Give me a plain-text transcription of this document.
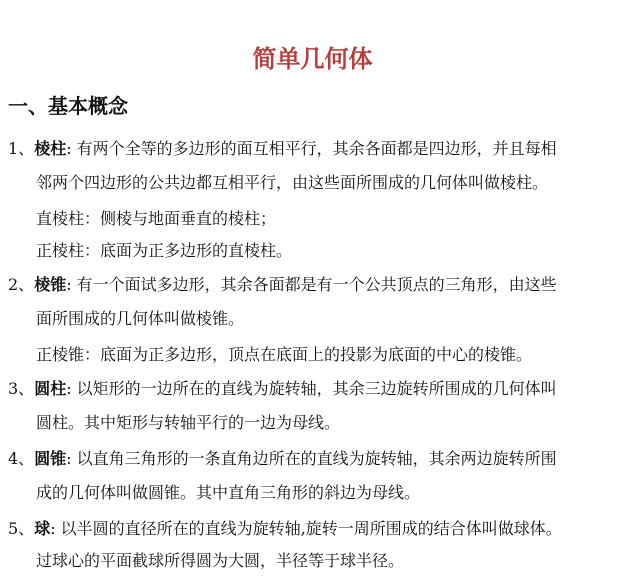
简单几何体
一、基本概念
1、棱柱: 有两个全等的多边形的面互相平行，其余各面都是四边形，并且每相
邻两个四边形的公共边都互相平行，由这些面所围成的几何体叫做棱柱。
直棱柱：侧棱与地面垂直的棱柱；
正棱柱：底面为正多边形的直棱柱。
2、棱锥: 有一个面试多边形，其余各面都是有一个公共顶点的三角形，由这些
面所围成的几何体叫做棱锥。
正棱锥：底面为正多边形，顶点在底面上的投影为底面的中心的棱锥。
3、圆柱: 以矩形的一边所在的直线为旋转轴，其余三边旋转所围成的几何体叫
圆柱。其中矩形与转轴平行的一边为母线。
4、圆锥: 以直角三角形的一条直角边所在的直线为旋转轴，其余两边旋转所围
成的几何体叫做圆锥。其中直角三角形的斜边为母线。
5、球: 以半圆的直径所在的直线为旋转轴,旋转一周所围成的结合体叫做球体。
过球心的平面截球所得圆为大圆，半径等于球半径。
